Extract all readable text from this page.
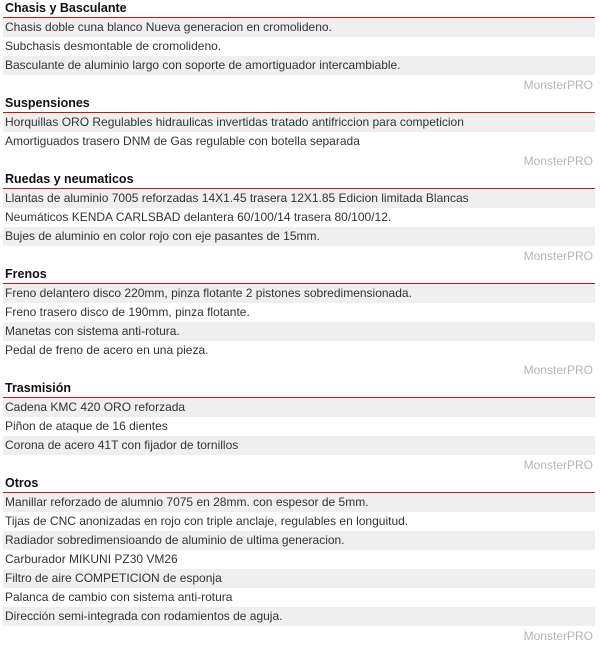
Chasis y Basculante
Chasis doble cuna blanco Nueva generacion en cromolideno.
Subchasis desmontable de cromolideno.
Basculante de aluminio largo con soporte de amortiguador intercambiable.
MonsterPRO
Suspensiones
Horquillas ORO Regulables hidraulicas invertidas tratado antifriccion para competicion
Amortiguados trasero DNM de Gas regulable con botella separada
MonsterPRO
Ruedas y neumaticos
Llantas de aluminio 7005 reforzadas 14X1.45 trasera 12X1.85 Edicion limitada Blancas
Neumáticos KENDA CARLSBAD delantera 60/100/14 trasera 80/100/12.
Bujes de aluminio en color rojo con eje pasantes de 15mm.
MonsterPRO
Frenos
Freno delantero disco 220mm, pinza flotante 2 pistones sobredimensionada.
Freno trasero disco de 190mm, pinza flotante.
Manetas con sistema anti-rotura.
Pedal de freno de acero en una pieza.
MonsterPRO
Trasmisión
Cadena KMC 420 ORO reforzada
Piñon de ataque de 16 dientes
Corona de acero 41T con fijador de tornillos
MonsterPRO
Otros
Manillar reforzado de alumnio 7075 en 28mm. con espesor de 5mm.
Tijas de CNC anonizadas en rojo con triple anclaje, regulables en longuitud.
Radiador sobredimensioando de aluminio de ultima generacion.
Carburador MIKUNI PZ30 VM26
Filtro de aire COMPETICION de esponja
Palanca de cambio con sistema anti-rotura
Dirección semi-integrada con rodamientos de aguja.
MonsterPRO
